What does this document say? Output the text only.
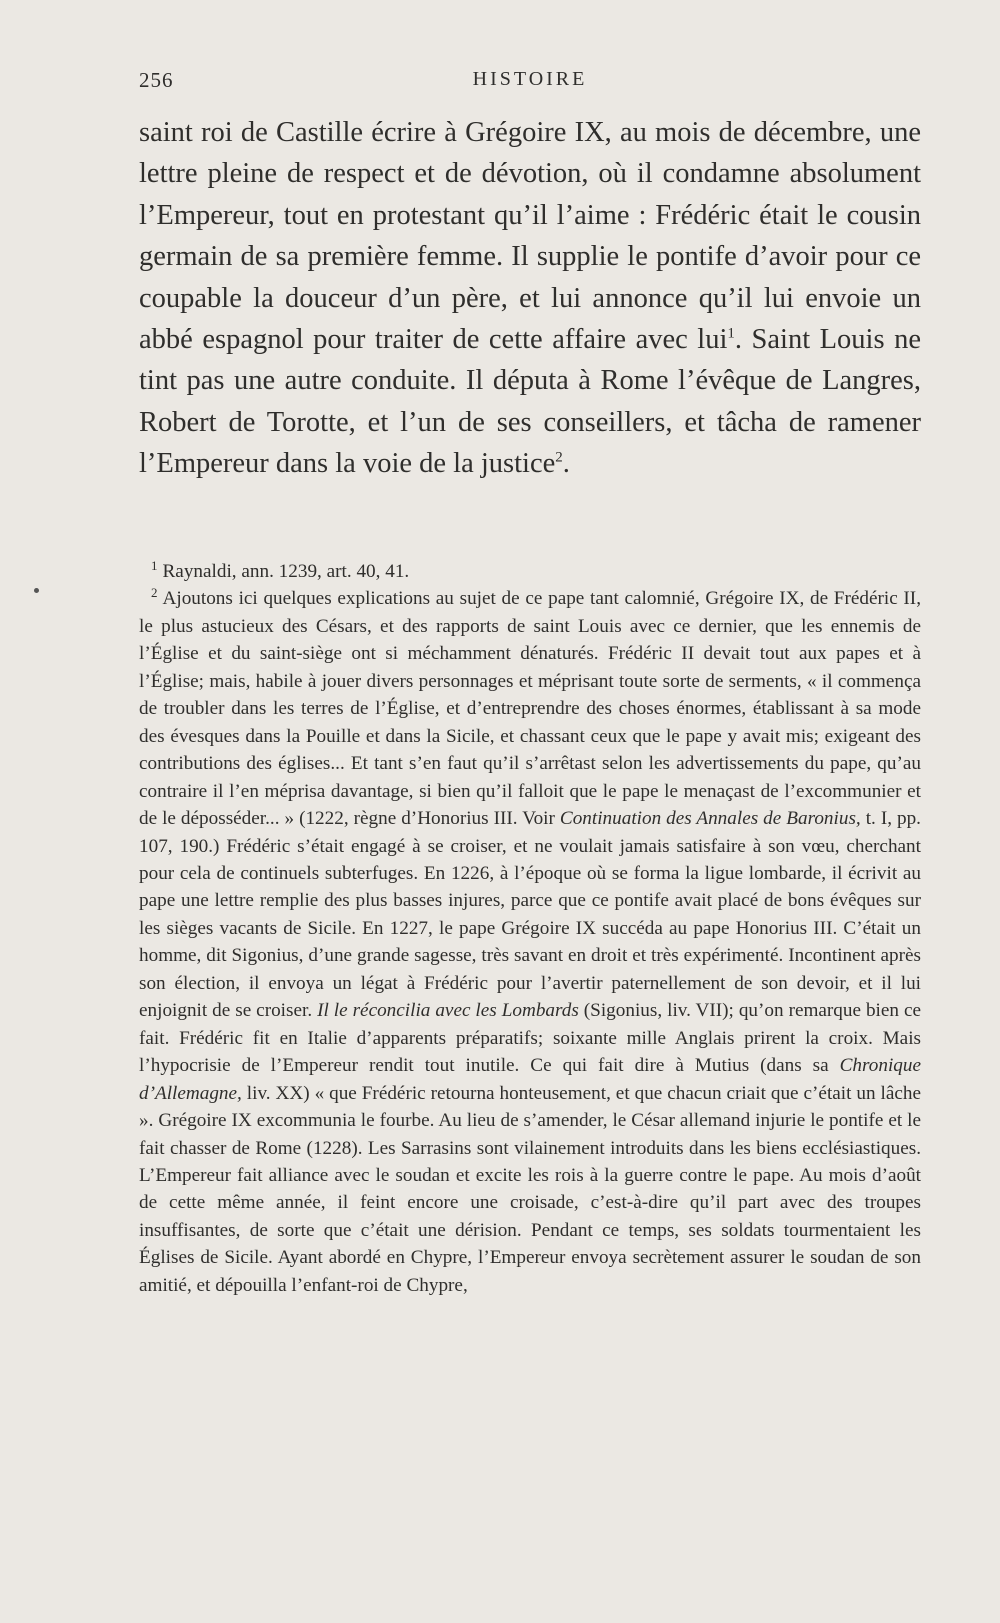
256	HISTOIRE

saint roi de Castille écrire à Grégoire IX, au mois de décembre, une lettre pleine de respect et de dévotion, où il condamne absolument l’Empereur, tout en protestant qu’il l’aime : Frédéric était le cousin germain de sa première femme. Il supplie le pontife d’avoir pour ce coupable la douceur d’un père, et lui annonce qu’il lui envoie un abbé espagnol pour traiter de cette affaire avec lui$^1$. Saint Louis ne tint pas une autre conduite. Il députa à Rome l’évêque de Langres, Robert de Torotte, et l’un de ses conseillers, et tâcha de ramener l’Empereur dans la voie de la justice$^2$.

$^1$ Raynaldi, ann. 1239, art. 40, 41.

$^2$ Ajoutons ici quelques explications au sujet de ce pape tant calomnié, Grégoire IX, de Frédéric II, le plus astucieux des Césars, et des rapports de saint Louis avec ce dernier, que les ennemis de l’Église et du saint-siège ont si méchamment dénaturés. Frédéric II devait tout aux papes et à l’Église; mais, habile à jouer divers personnages et méprisant toute sorte de serments, « il commença de troubler dans les terres de l’Église, et d’entreprendre des choses énormes, établissant à sa mode des évesques dans la Pouille et dans la Sicile, et chassant ceux que le pape y avait mis; exigeant des contributions des églises... Et tant s’en faut qu’il s’arrêtast selon les advertissements du pape, qu’au contraire il l’en méprisa davantage, si bien qu’il falloit que le pape le menaçast de l’excommunier et de le déposséder... » (1222, règne d’Honorius III. Voir Continuation des Annales de Baronius, t. I, pp. 107, 190.) Frédéric s’était engagé à se croiser, et ne voulait jamais satisfaire à son vœu, cherchant pour cela de continuels subterfuges. En 1226, à l’époque où se forma la ligue lombarde, il écrivit au pape une lettre remplie des plus basses injures, parce que ce pontife avait placé de bons évêques sur les sièges vacants de Sicile. En 1227, le pape Grégoire IX succéda au pape Honorius III. C’était un homme, dit Sigonius, d’une grande sagesse, très savant en droit et très expérimenté. Incontinent après son élection, il envoya un légat à Frédéric pour l’avertir paternellement de son devoir, et il lui enjoignit de se croiser. Il le réconcilia avec les Lombards (Sigonius, liv. VII); qu’on remarque bien ce fait. Frédéric fit en Italie d’apparents préparatifs; soixante mille Anglais prirent la croix. Mais l’hypocrisie de l’Empereur rendit tout inutile. Ce qui fait dire à Mutius (dans sa Chronique d’Allemagne, liv. XX) « que Frédéric retourna honteusement, et que chacun criait que c’était un lâche ». Grégoire IX excommunia le fourbe. Au lieu de s’amender, le César allemand injurie le pontife et le fait chasser de Rome (1228). Les Sarrasins sont vilainement introduits dans les biens ecclésiastiques. L’Empereur fait alliance avec le soudan et excite les rois à la guerre contre le pape. Au mois d’août de cette même année, il feint encore une croisade, c’est-à-dire qu’il part avec des troupes insuffisantes, de sorte que c’était une dérision. Pendant ce temps, ses soldats tourmentaient les Églises de Sicile. Ayant abordé en Chypre, l’Empereur envoya secrètement assurer le soudan de son amitié, et dépouilla l’enfant-roi de Chypre,
